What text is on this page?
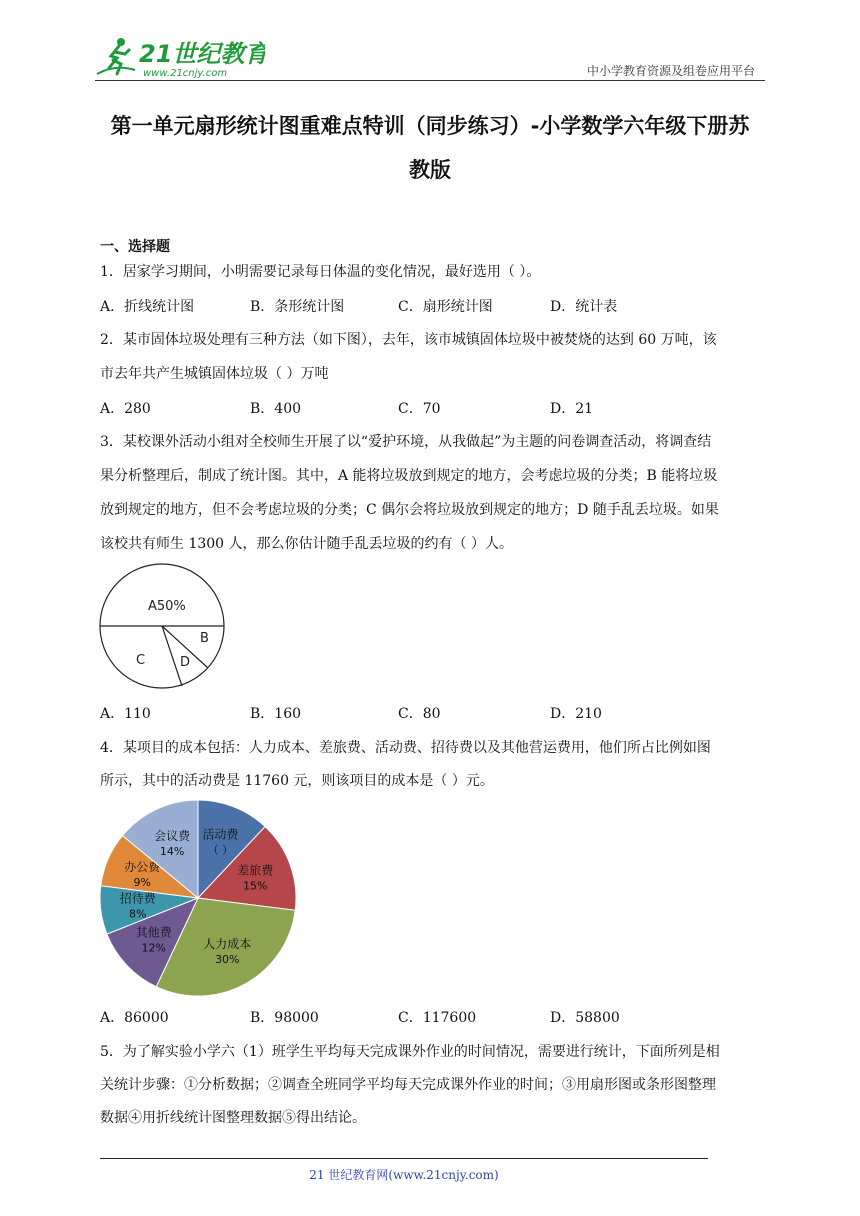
21世纪教育
www.21cnjy.com	中小学教育资源及组卷应用平台
第一单元扇形统计图重难点特训（同步练习）-小学数学六年级下册苏
教版
一、选择题
1．居家学习期间，小明需要记录每日体温的变化情况，最好选用（ ）。
A．折线统计图	B．条形统计图	C．扇形统计图	D．统计表
2．某市固体垃圾处理有三种方法（如下图），去年，该市城镇固体垃圾中被焚烧的达到 60 万吨，该
市去年共产生城镇固体垃圾（ ）万吨
A．280	B．400	C．70	D．21
3．某校课外活动小组对全校师生开展了以“爱护环境，从我做起”为主题的问卷调查活动，将调查结
果分析整理后，制成了统计图。其中，A 能将垃圾放到规定的地方，会考虑垃圾的分类；B 能将垃圾
放到规定的地方，但不会考虑垃圾的分类；C 偶尔会将垃圾放到规定的地方；D 随手乱丢垃圾。如果
该校共有师生 1300 人，那么你估计随手乱丢垃圾的约有（ ）人。
A50%
B
C	D
A．110	B．160	C．80	D．210
4．某项目的成本包括：人力成本、差旅费、活动费、招待费以及其他营运费用，他们所占比例如图
所示，其中的活动费是 11760 元，则该项目的成本是（ ）元。
活动费
（ ）
差旅费
15%
人力成本
30%
其他费
12%
招待费
8%
办公费
9%
会议费
14%
A．86000	B．98000	C．117600	D．58800
5．为了解实验小学六（1）班学生平均每天完成课外作业的时间情况，需要进行统计，下面所列是相
关统计步骤：①分析数据；②调查全班同学平均每天完成课外作业的时间；③用扇形图或条形图整理
数据④用折线统计图整理数据⑤得出结论。
21 世纪教育网(www.21cnjy.com)
